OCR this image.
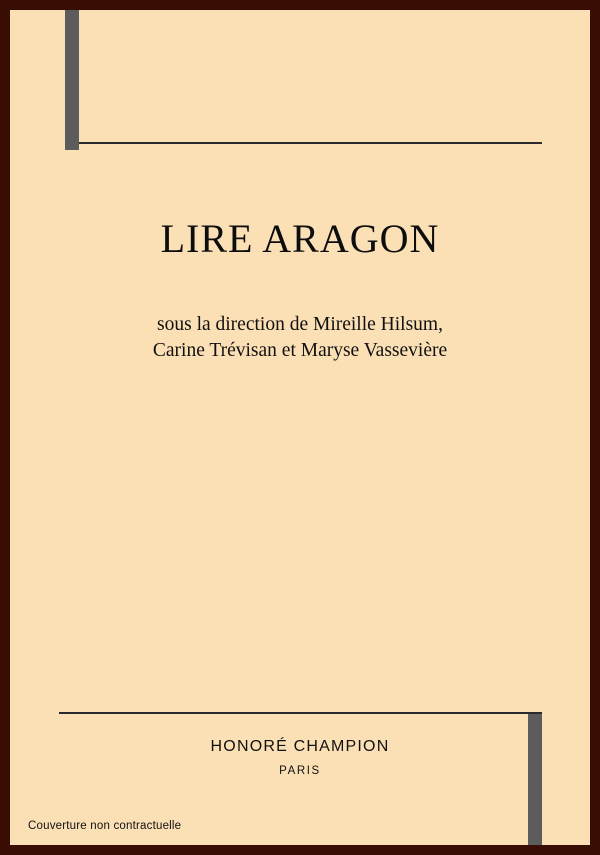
LIRE ARAGON
sous la direction de Mireille Hilsum,
Carine Trévisan et Maryse Vassevière
HONORÉ CHAMPION
PARIS
Couverture non contractuelle
